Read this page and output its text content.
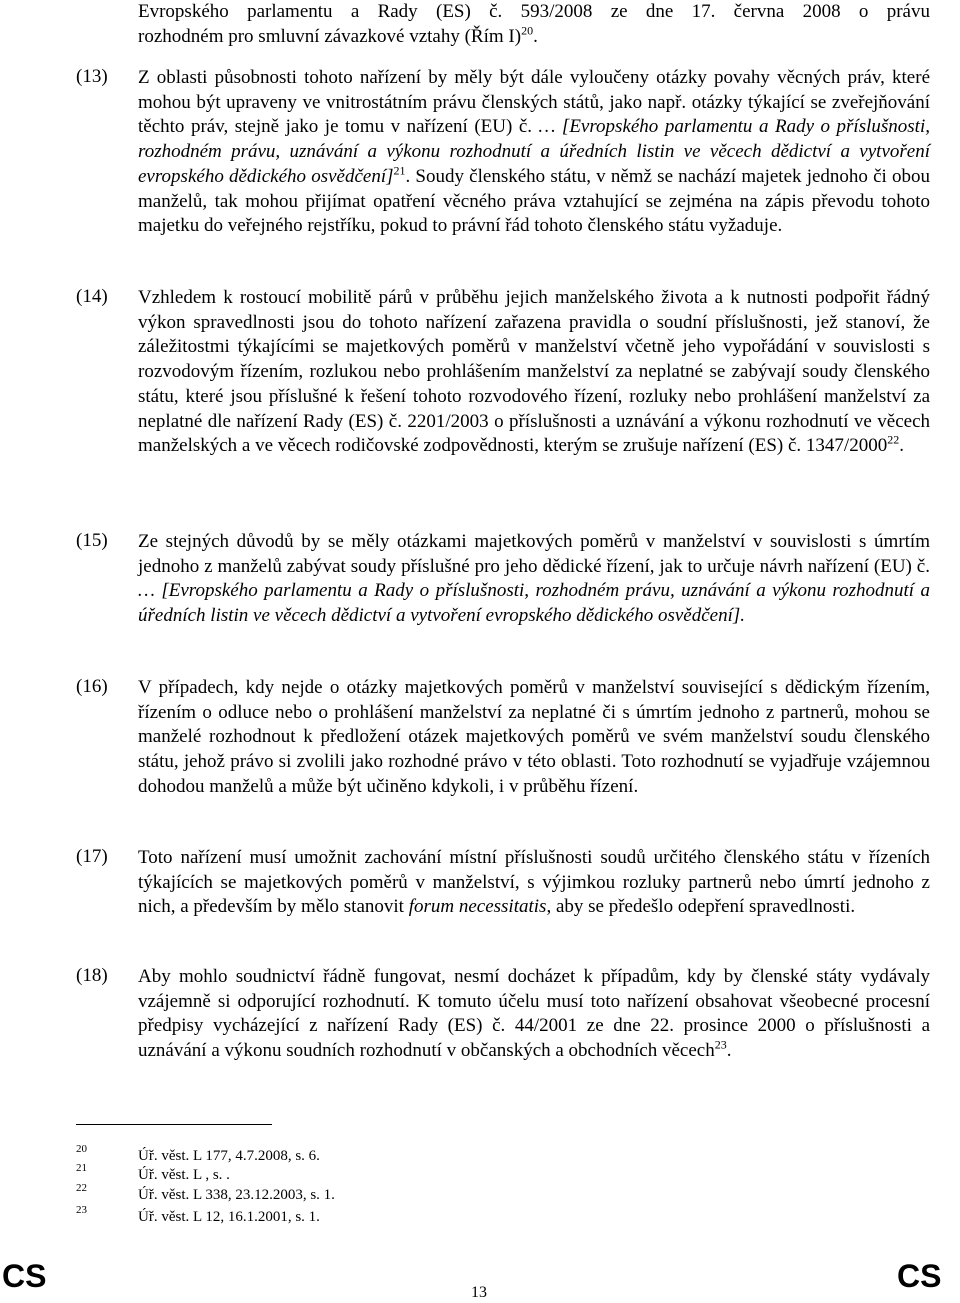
Evropského parlamentu a Rady (ES) č. 593/2008 ze dne 17. června 2008 o právu
rozhodném pro smluvní závazkové vztahy (Řím I)$^{20}$.
(13) Z oblasti působnosti tohoto nařízení by měly být dále vyloučeny otázky povahy věcných práv, které mohou být upraveny ve vnitrostátním právu členských států, jako např. otázky týkající se zveřejňování těchto práv, stejně jako je tomu v nařízení (EU) č. … [Evropského parlamentu a Rady o příslušnosti, rozhodném právu, uznávání a výkonu rozhodnutí a úředních listin ve věcech dědictví a vytvoření evropského dědického osvědčení]$^{21}$. Soudy členského státu, v němž se nachází majetek jednoho či obou manželů, tak mohou přijímat opatření věcného práva vztahující se zejména na zápis převodu tohoto majetku do veřejného rejstříku, pokud to právní řád tohoto členského státu vyžaduje.
(14) Vzhledem k rostoucí mobilitě párů v průběhu jejich manželského života a k nutnosti podpořit řádný výkon spravedlnosti jsou do tohoto nařízení zařazena pravidla o soudní příslušnosti, jež stanoví, že záležitostmi týkajícími se majetkových poměrů v manželství včetně jeho vypořádání v souvislosti s rozvodovým řízením, rozlukou nebo prohlášením manželství za neplatné se zabývají soudy členského státu, které jsou příslušné k řešení tohoto rozvodového řízení, rozluky nebo prohlášení manželství za neplatné dle nařízení Rady (ES) č. 2201/2003 o příslušnosti a uznávání a výkonu rozhodnutí ve věcech manželských a ve věcech rodičovské zodpovědnosti, kterým se zrušuje nařízení (ES) č. 1347/2000$^{22}$.
(15) Ze stejných důvodů by se měly otázkami majetkových poměrů v manželství v souvislosti s úmrtím jednoho z manželů zabývat soudy příslušné pro jeho dědické řízení, jak to určuje návrh nařízení (EU) č. … [Evropského parlamentu a Rady o příslušnosti, rozhodném právu, uznávání a výkonu rozhodnutí a úředních listin ve věcech dědictví a vytvoření evropského dědického osvědčení].
(16) V případech, kdy nejde o otázky majetkových poměrů v manželství související s dědickým řízením, řízením o odluce nebo o prohlášení manželství za neplatné či s úmrtím jednoho z partnerů, mohou se manželé rozhodnout k předložení otázek majetkových poměrů ve svém manželství soudu členského státu, jehož právo si zvolili jako rozhodné právo v této oblasti. Toto rozhodnutí se vyjadřuje vzájemnou dohodou manželů a může být učiněno kdykoli, i v průběhu řízení.
(17) Toto nařízení musí umožnit zachování místní příslušnosti soudů určitého členského státu v řízeních týkajících se majetkových poměrů v manželství, s výjimkou rozluky partnerů nebo úmrtí jednoho z nich, a především by mělo stanovit forum necessitatis, aby se předešlo odepření spravedlnosti.
(18) Aby mohlo soudnictví řádně fungovat, nesmí docházet k případům, kdy by členské státy vydávaly vzájemně si odporující rozhodnutí. K tomuto účelu musí toto nařízení obsahovat všeobecné procesní předpisy vycházející z nařízení Rady (ES) č. 44/2001 ze dne 22. prosince 2000 o příslušnosti a uznávání a výkonu soudních rozhodnutí v občanských a obchodních věcech$^{23}$.
20	Úř. věst. L 177, 4.7.2008, s. 6.
21	Úř. věst. L , s. .
22	Úř. věst. L 338, 23.12.2003, s. 1.
23	Úř. věst. L 12, 16.1.2001, s. 1.
CS	13	CS
